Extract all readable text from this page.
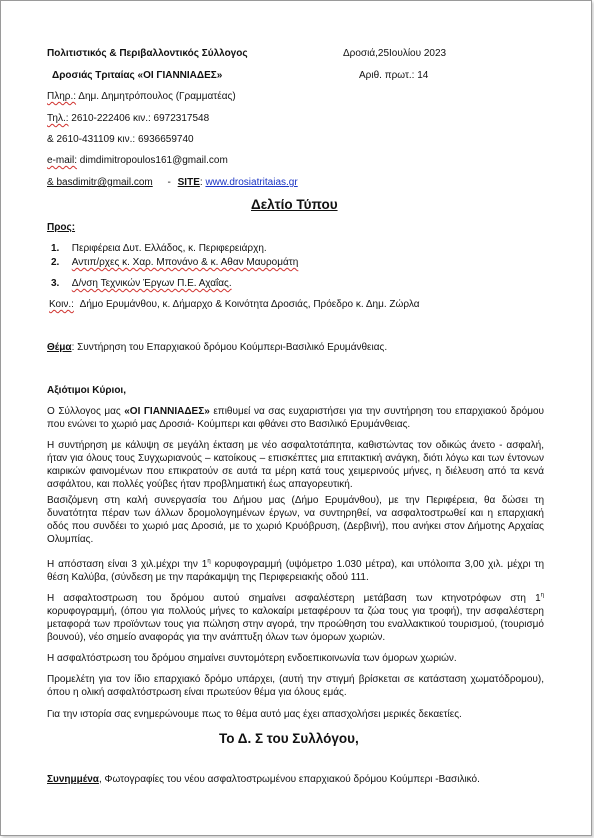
Πολιτιστικός & Περιβαλλοντικός Σύλλογος	Δροσιά,25Ιουλίου 2023
Δροσιάς Τριταίας «ΟΙ ΓΙΑΝΝΙΑΔΕΣ»	Αριθ. πρωτ.: 14
Πληρ.: Δημ. Δημητρόπουλος (Γραμματέας)
Τηλ.: 2610-222406 κιν.: 6972317548
& 2610-431109 κιν.: 6936659740
e-mail: dimdimitropoulos161@gmail.com
& basdimitr@gmail.com - SITE: www.drosiatritaias.gr
Δελτίο Τύπου
Προς:
1. Περιφέρεια Δυτ. Ελλάδος, κ. Περιφερειάρχη.
2. Αντιπ/ρχες κ. Χαρ. Μπονάνο & κ. Αθαν Μαυρομάτη
3. Δ/νση Τεχνικών Έργων Π.Ε. Αχαΐας.
Κοιν.: Δήμο Ερυμάνθου, κ. Δήμαρχο & Κοινότητα Δροσιάς, Πρόεδρο κ. Δημ. Ζώρλα
Θέμα: Συντήρηση του Επαρχιακού δρόμου Κούμπερι-Βασιλικό Ερυμάνθειας.
Αξιότιμοι Κύριοι,
Ο Σύλλογος μας «ΟΙ ΓΙΑΝΝΙΑΔΕΣ» επιθυμεί να σας ευχαριστήσει για την συντήρηση του επαρχιακού δρόμου που ενώνει το χωριό μας Δροσιά- Κούμπερι και φθάνει στο Βασιλικό Ερυμάνθειας.
Η συντήρηση με κάλυψη σε μεγάλη έκταση με νέο ασφαλτοτάπητα, καθιστώντας τον οδικώς άνετο - ασφαλή, ήταν για όλους τους Συγχωριανούς – κατοίκους – επισκέπτες μια επιτακτική ανάγκη, διότι λόγω και των έντονων καιρικών φαινομένων που επικρατούν σε αυτά τα μέρη κατά τους χειμερινούς μήνες, η διέλευση από τα κενά ασφάλτου, και πολλές γούβες ήταν προβληματική έως απαγορευτική.
Βασιζόμενη στη καλή συνεργασία του Δήμου μας (Δήμο Ερυμάνθου), με την Περιφέρεια, θα δώσει τη δυνατότητα πέραν των άλλων δρομολογημένων έργων, να συντηρηθεί, να ασφαλτοστρωθεί και η επαρχιακή οδός που συνδέει το χωριό μας Δροσιά, με το χωριό Κρυόβρυση, (Δερβινή), που ανήκει στον Δήμοτης Αρχαίας Ολυμπίας.
Η απόσταση είναι 3 χιλ.μέχρι την $1^\eta$ κορυφογραμμή (υψόμετρο 1.030 μέτρα), και υπόλοιπα 3,00 χιλ. μέχρι τη θέση Καλύβα, (σύνδεση με την παράκαμψη της Περιφερειακής οδού 111.
Η ασφαλτοστρωση του δρόμου αυτού σημαίνει ασφαλέστερη μετάβαση των κτηνοτρόφων στη $1^\eta$ κορυφογραμμή, (όπου για πολλούς μήνες το καλοκαίρι μεταφέρουν τα ζώα τους για τροφή), την ασφαλέστερη μεταφορά των προϊόντων τους για πώληση στην αγορά, την προώθηση του εναλλακτικού τουρισμού, (τουρισμό βουνού), νέο σημείο αναφοράς για την ανάπτυξη όλων των όμορων χωριών.
Η ασφαλτόστρωση του δρόμου σημαίνει συντομότερη ενδοεπικοινωνία των όμορων χωριών.
Προμελέτη για τον ίδιο επαρχιακό δρόμο υπάρχει, (αυτή την στιγμή βρίσκεται σε κατάσταση χωματόδρομου), όπου η ολική ασφαλτόστρωση είναι πρωτεύον θέμα για όλους εμάς.
Για την ιστορία σας ενημερώνουμε πως το θέμα αυτό μας έχει απασχολήσει μερικές δεκαετίες.
Το Δ. Σ του Συλλόγου,
Συνημμένα, Φωτογραφίες του νέου ασφαλτοστρωμένου επαρχιακού δρόμου Κούμπερι -Βασιλικό.
